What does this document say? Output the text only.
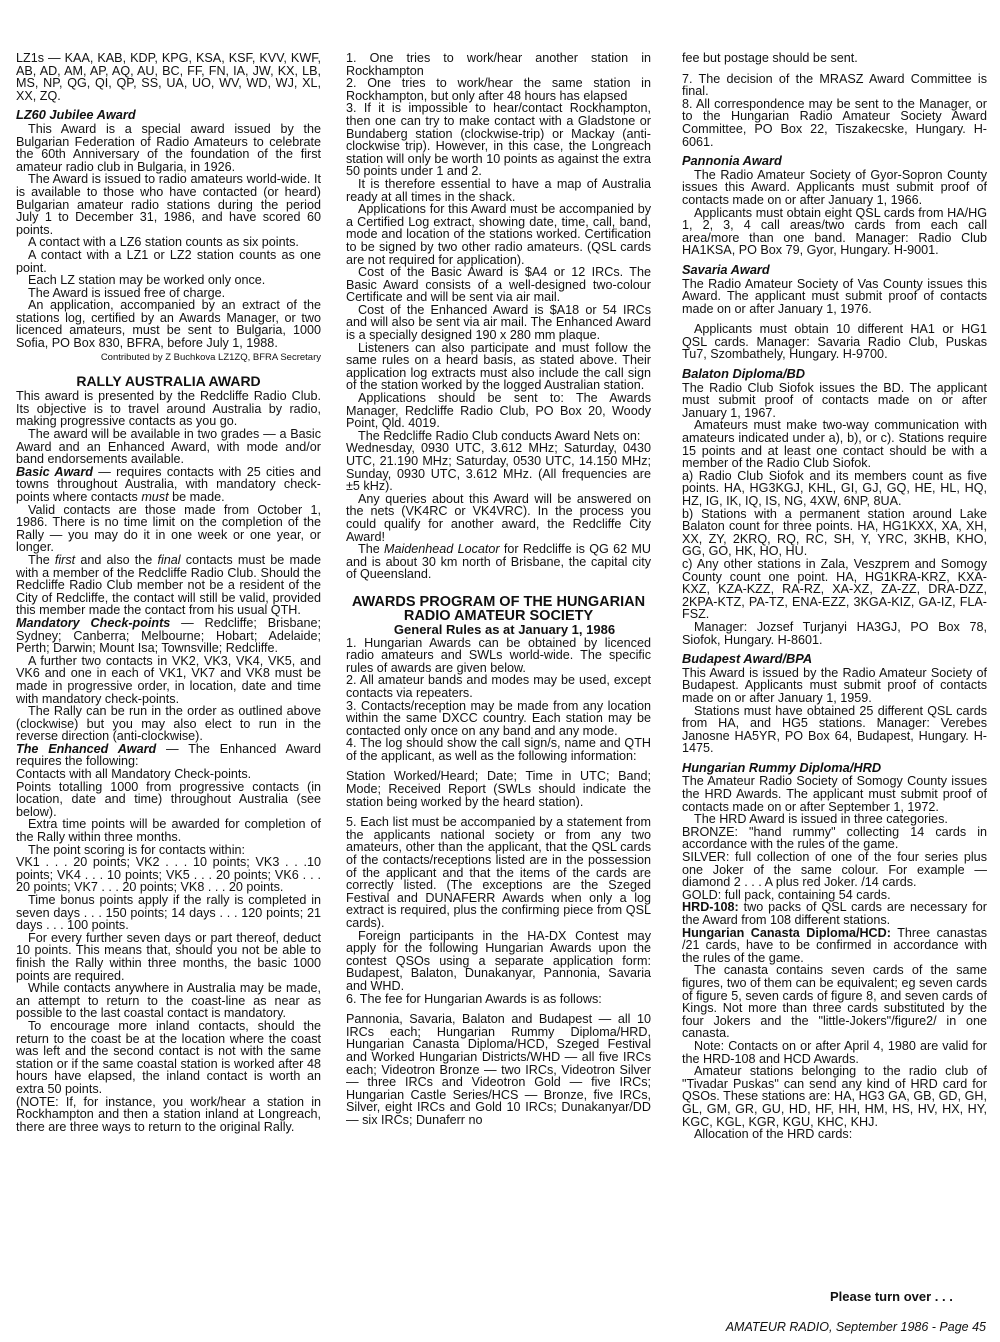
LZ1s — KAA, KAB, KDP, KPG, KSA, KSF, KVV, KWF, AB, AD, AM, AP, AQ, AU, BC, FF, FN, IA, JW, KX, LB, MS, NP, QG, QI, QP, SS, UA, UO, WV, WD, WJ, XL, XX, ZQ.

LZ60 Jubilee Award

This Award is a special award issued by the Bulgarian Federation of Radio Amateurs to celebrate the 60th Anniversary of the foundation of the first amateur radio club in Bulgaria, in 1926.

The Award is issued to radio amateurs world-wide. It is available to those who have contacted (or heard) Bulgarian amateur radio stations during the period July 1 to December 31, 1986, and have scored 60 points.

A contact with a LZ6 station counts as six points.

A contact with a LZ1 or LZ2 station counts as one point.

Each LZ station may be worked only once.

The Award is issued free of charge.

An application, accompanied by an extract of the stations log, certified by an Awards Manager, or two licenced amateurs, must be sent to Bulgaria, 1000 Sofia, PO Box 830, BFRA, before July 1, 1988.

Contributed by Z Buchkova LZ1ZQ, BFRA Secretary

RALLY AUSTRALIA AWARD

This award is presented by the Redcliffe Radio Club. Its objective is to travel around Australia by radio, making progressive contacts as you go.

The award will be available in two grades — a Basic Award and an Enhanced Award, with mode and/or band endorsements available.

Basic Award — requires contacts with 25 cities and towns throughout Australia, with mandatory check-points where contacts must be made.

Valid contacts are those made from October 1, 1986. There is no time limit on the completion of the Rally — you may do it in one week or one year, or longer.

The first and also the final contacts must be made with a member of the Redcliffe Radio Club. Should the Redcliffe Radio Club member not be a resident of the City of Redcliffe, the contact will still be valid, provided this member made the contact from his usual QTH.

Mandatory Check-points — Redcliffe; Brisbane; Sydney; Canberra; Melbourne; Hobart; Adelaide; Perth; Darwin; Mount Isa; Townsville; Redcliffe.

A further two contacts in VK2, VK3, VK4, VK5, and VK6 and one in each of VK1, VK7 and VK8 must be made in progressive order, in location, date and time with mandatory check-points.

The Rally can be run in the order as outlined above (clockwise) but you may also elect to run in the reverse direction (anti-clockwise).

The Enhanced Award — The Enhanced Award requires the following:

Contacts with all Mandatory Check-points.

Points totalling 1000 from progressive contacts (in location, date and time) throughout Australia (see below).

Extra time points will be awarded for completion of the Rally within three months.

The point scoring is for contacts within:

VK1 . . . 20 points; VK2 . . . 10 points; VK3 . . .10 points; VK4 . . . 10 points; VK5 . . . 20 points; VK6 . . . 20 points; VK7 . . . 20 points; VK8 . . . 20 points.

Time bonus points apply if the rally is completed in seven days . . . 150 points; 14 days . . . 120 points; 21 days . . . 100 points.

For every further seven days or part thereof, deduct 10 points. This means that, should you not be able to finish the Rally within three months, the basic 1000 points are required.

While contacts anywhere in Australia may be made, an attempt to return to the coast-line as near as possible to the last coastal contact is mandatory.

To encourage more inland contacts, should the return to the coast be at the location where the coast was left and the second contact is not with the same station or if the same coastal station is worked after 48 hours have elapsed, the inland contact is worth an extra 50 points.

(NOTE: If, for instance, you work/hear a station in Rockhampton and then a station inland at Longreach, there are three ways to return to the original Rally.

1. One tries to work/hear another station in Rockhampton

2. One tries to work/hear the same station in Rockhampton, but only after 48 hours has elapsed

3. If it is impossible to hear/contact Rockhampton, then one can try to make contact with a Gladstone or Bundaberg station (clockwise-trip) or Mackay (anti-clockwise trip). However, in this case, the Longreach station will only be worth 10 points as against the extra 50 points under 1 and 2.

It is therefore essential to have a map of Australia ready at all times in the shack.

Applications for this Award must be accompanied by a Certified Log extract, showing date, time, call, band, mode and location of the stations worked. Certification to be signed by two other radio amateurs. (QSL cards are not required for application).

Cost of the Basic Award is $A4 or 12 IRCs. The Basic Award consists of a well-designed two-colour Certificate and will be sent via air mail.

Cost of the Enhanced Award is $A18 or 54 IRCs and will also be sent via air mail. The Enhanced Award is a specially designed 190 x 280 mm plaque.

Listeners can also participate and must follow the same rules on a heard basis, as stated above. Their application log extracts must also include the call sign of the station worked by the logged Australian station.

Applications should be sent to: The Awards Manager, Redcliffe Radio Club, PO Box 20, Woody Point, Qld. 4019.

The Redcliffe Radio Club conducts Award Nets on:

Wednesday, 0930 UTC, 3.612 MHz; Saturday, 0430 UTC, 21.190 MHz; Saturday, 0530 UTC, 14.150 MHz; Sunday, 0930 UTC, 3.612 MHz. (All frequencies are ±5 kHz).

Any queries about this Award will be answered on the nets (VK4RC or VK4VRC). In the process you could qualify for another award, the Redcliffe City Award!

The Maidenhead Locator for Redcliffe is QG 62 MU and is about 30 km north of Brisbane, the capital city of Queensland.

AWARDS PROGRAM OF THE HUNGARIAN RADIO AMATEUR SOCIETY

General Rules as at January 1, 1986

1. Hungarian Awards can be obtained by licenced radio amateurs and SWLs world-wide. The specific rules of awards are given below.

2. All amateur bands and modes may be used, except contacts via repeaters.

3. Contacts/reception may be made from any location within the same DXCC country. Each station may be contacted only once on any band and any mode.

4. The log should show the call sign/s, name and QTH of the applicant, as well as the following information:

Station Worked/Heard; Date; Time in UTC; Band; Mode; Received Report (SWLs should indicate the station being worked by the heard station).

5. Each list must be accompanied by a statement from the applicants national society or from any two amateurs, other than the applicant, that the QSL cards of the contacts/receptions listed are in the possession of the applicant and that the items of the cards are correctly listed. (The exceptions are the Szeged Festival and DUNAFERR Awards when only a log extract is required, plus the confirming piece from QSL cards).

Foreign participants in the HA-DX Contest may apply for the following Hungarian Awards upon the contest QSOs using a separate application form: Budapest, Balaton, Dunakanyar, Pannonia, Savaria and WHD.

6. The fee for Hungarian Awards is as follows:

Pannonia, Savaria, Balaton and Budapest — all 10 IRCs each; Hungarian Rummy Diploma/HRD, Hungarian Canasta Diploma/HCD, Szeged Festival and Worked Hungarian Districts/WHD — all five IRCs each; Videotron Bronze — two IRCs, Videotron Silver — three IRCs and Videotron Gold — five IRCs; Hungarian Castle Series/HCS — Bronze, five IRCs, Silver, eight IRCs and Gold 10 IRCs; Dunakanyar/DD — six IRCs; Dunaferr no

fee but postage should be sent.

7. The decision of the MRASZ Award Committee is final.

8. All correspondence may be sent to the Manager, or to the Hungarian Radio Amateur Society Award Committee, PO Box 22, Tiszakecske, Hungary. H- 6061.

Pannonia Award

The Radio Amateur Society of Gyor-Sopron County issues this Award. Applicants must submit proof of contacts made on or after January 1, 1966.

Applicants must obtain eight QSL cards from HA/HG 1, 2, 3, 4 call areas/two cards from each call area/more than one band. Manager: Radio Club HA1KSA, PO Box 79, Gyor, Hungary. H-9001.

Savaria Award

The Radio Amateur Society of Vas County issues this Award. The applicant must submit proof of contacts made on or after January 1, 1976.

Applicants must obtain 10 different HA1 or HG1 QSL cards. Manager: Savaria Radio Club, Puskas Tu7, Szombathely, Hungary. H-9700.

Balaton Diploma/BD

The Radio Club Siofok issues the BD. The applicant must submit proof of contacts made on or after January 1, 1967.

Amateurs must make two-way communication with amateurs indicated under a), b), or c). Stations require 15 points and at least one contact should be with a member of the Radio Club Siofok.

a) Radio Club Siofok and its members count as five points. HA, HG3KGJ, KHL, GI, GJ, GQ, HE, HL, HQ, HZ, IG, IK, IQ, IS, NG, 4XW, 6NP, 8UA.

b) Stations with a permanent station around Lake Balaton count for three points. HA, HG1KXX, XA, XH, XX, ZY, 2KRQ, RQ, RC, SH, Y, YRC, 3KHB, KHO, GG, GO, HK, HO, HU.

c) Any other stations in Zala, Veszprem and Somogy County count one point. HA, HG1KRA-KRZ, KXA-KXZ, KZA-KZZ, RA-RZ, XA-XZ, ZA-ZZ, DRA-DZZ, 2KPA-KTZ, PA-TZ, ENA-EZZ, 3KGA-KIZ, GA-IZ, FLA-FSZ.

Manager: Jozsef Turjanyi HA3GJ, PO Box 78, Siofok, Hungary. H-8601.

Budapest Award/BPA

This Award is issued by the Radio Amateur Society of Budapest. Applicants must submit proof of contacts made on or after January 1, 1959.

Stations must have obtained 25 different QSL cards from HA, and HG5 stations. Manager: Verebes Janosne HA5YR, PO Box 64, Budapest, Hungary. H- 1475.

Hungarian Rummy Diploma/HRD

The Amateur Radio Society of Somogy County issues the HRD Awards. The applicant must submit proof of contacts made on or after September 1, 1972.

The HRD Award is issued in three categories.

BRONZE: "hand rummy" collecting 14 cards in accordance with the rules of the game.

SILVER: full collection of one of the four series plus one Joker of the same colour. For example — diamond 2 . . . A plus red Joker. /14 cards.

GOLD: full pack, containing 54 cards.

HRD-108: two packs of QSL cards are necessary for the Award from 108 different stations.

Hungarian Canasta Diploma/HCD: Three canastas /21 cards, have to be confirmed in accordance with the rules of the game.

The canasta contains seven cards of the same figures, two of them can be equivalent; eg seven cards of figure 5, seven cards of figure 8, and seven cards of Kings. Not more than three cards substituted by the four Jokers and the "little-Jokers"/figure2/ in one canasta.

Note: Contacts on or after April 4, 1980 are valid for the HRD-108 and HCD Awards.

Amateur stations belonging to the radio club of "Tivadar Puskas" can send any kind of HRD card for QSOs. These stations are: HA, HG3 GA, GB, GD, GH, GL, GM, GR, GU, HD, HF, HH, HM, HS, HV, HX, HY, KGC, KGL, KGR, KGU, KHC, KHJ.

Allocation of the HRD cards:

Please turn over . . .
AMATEUR RADIO, September 1986 - Page 45
